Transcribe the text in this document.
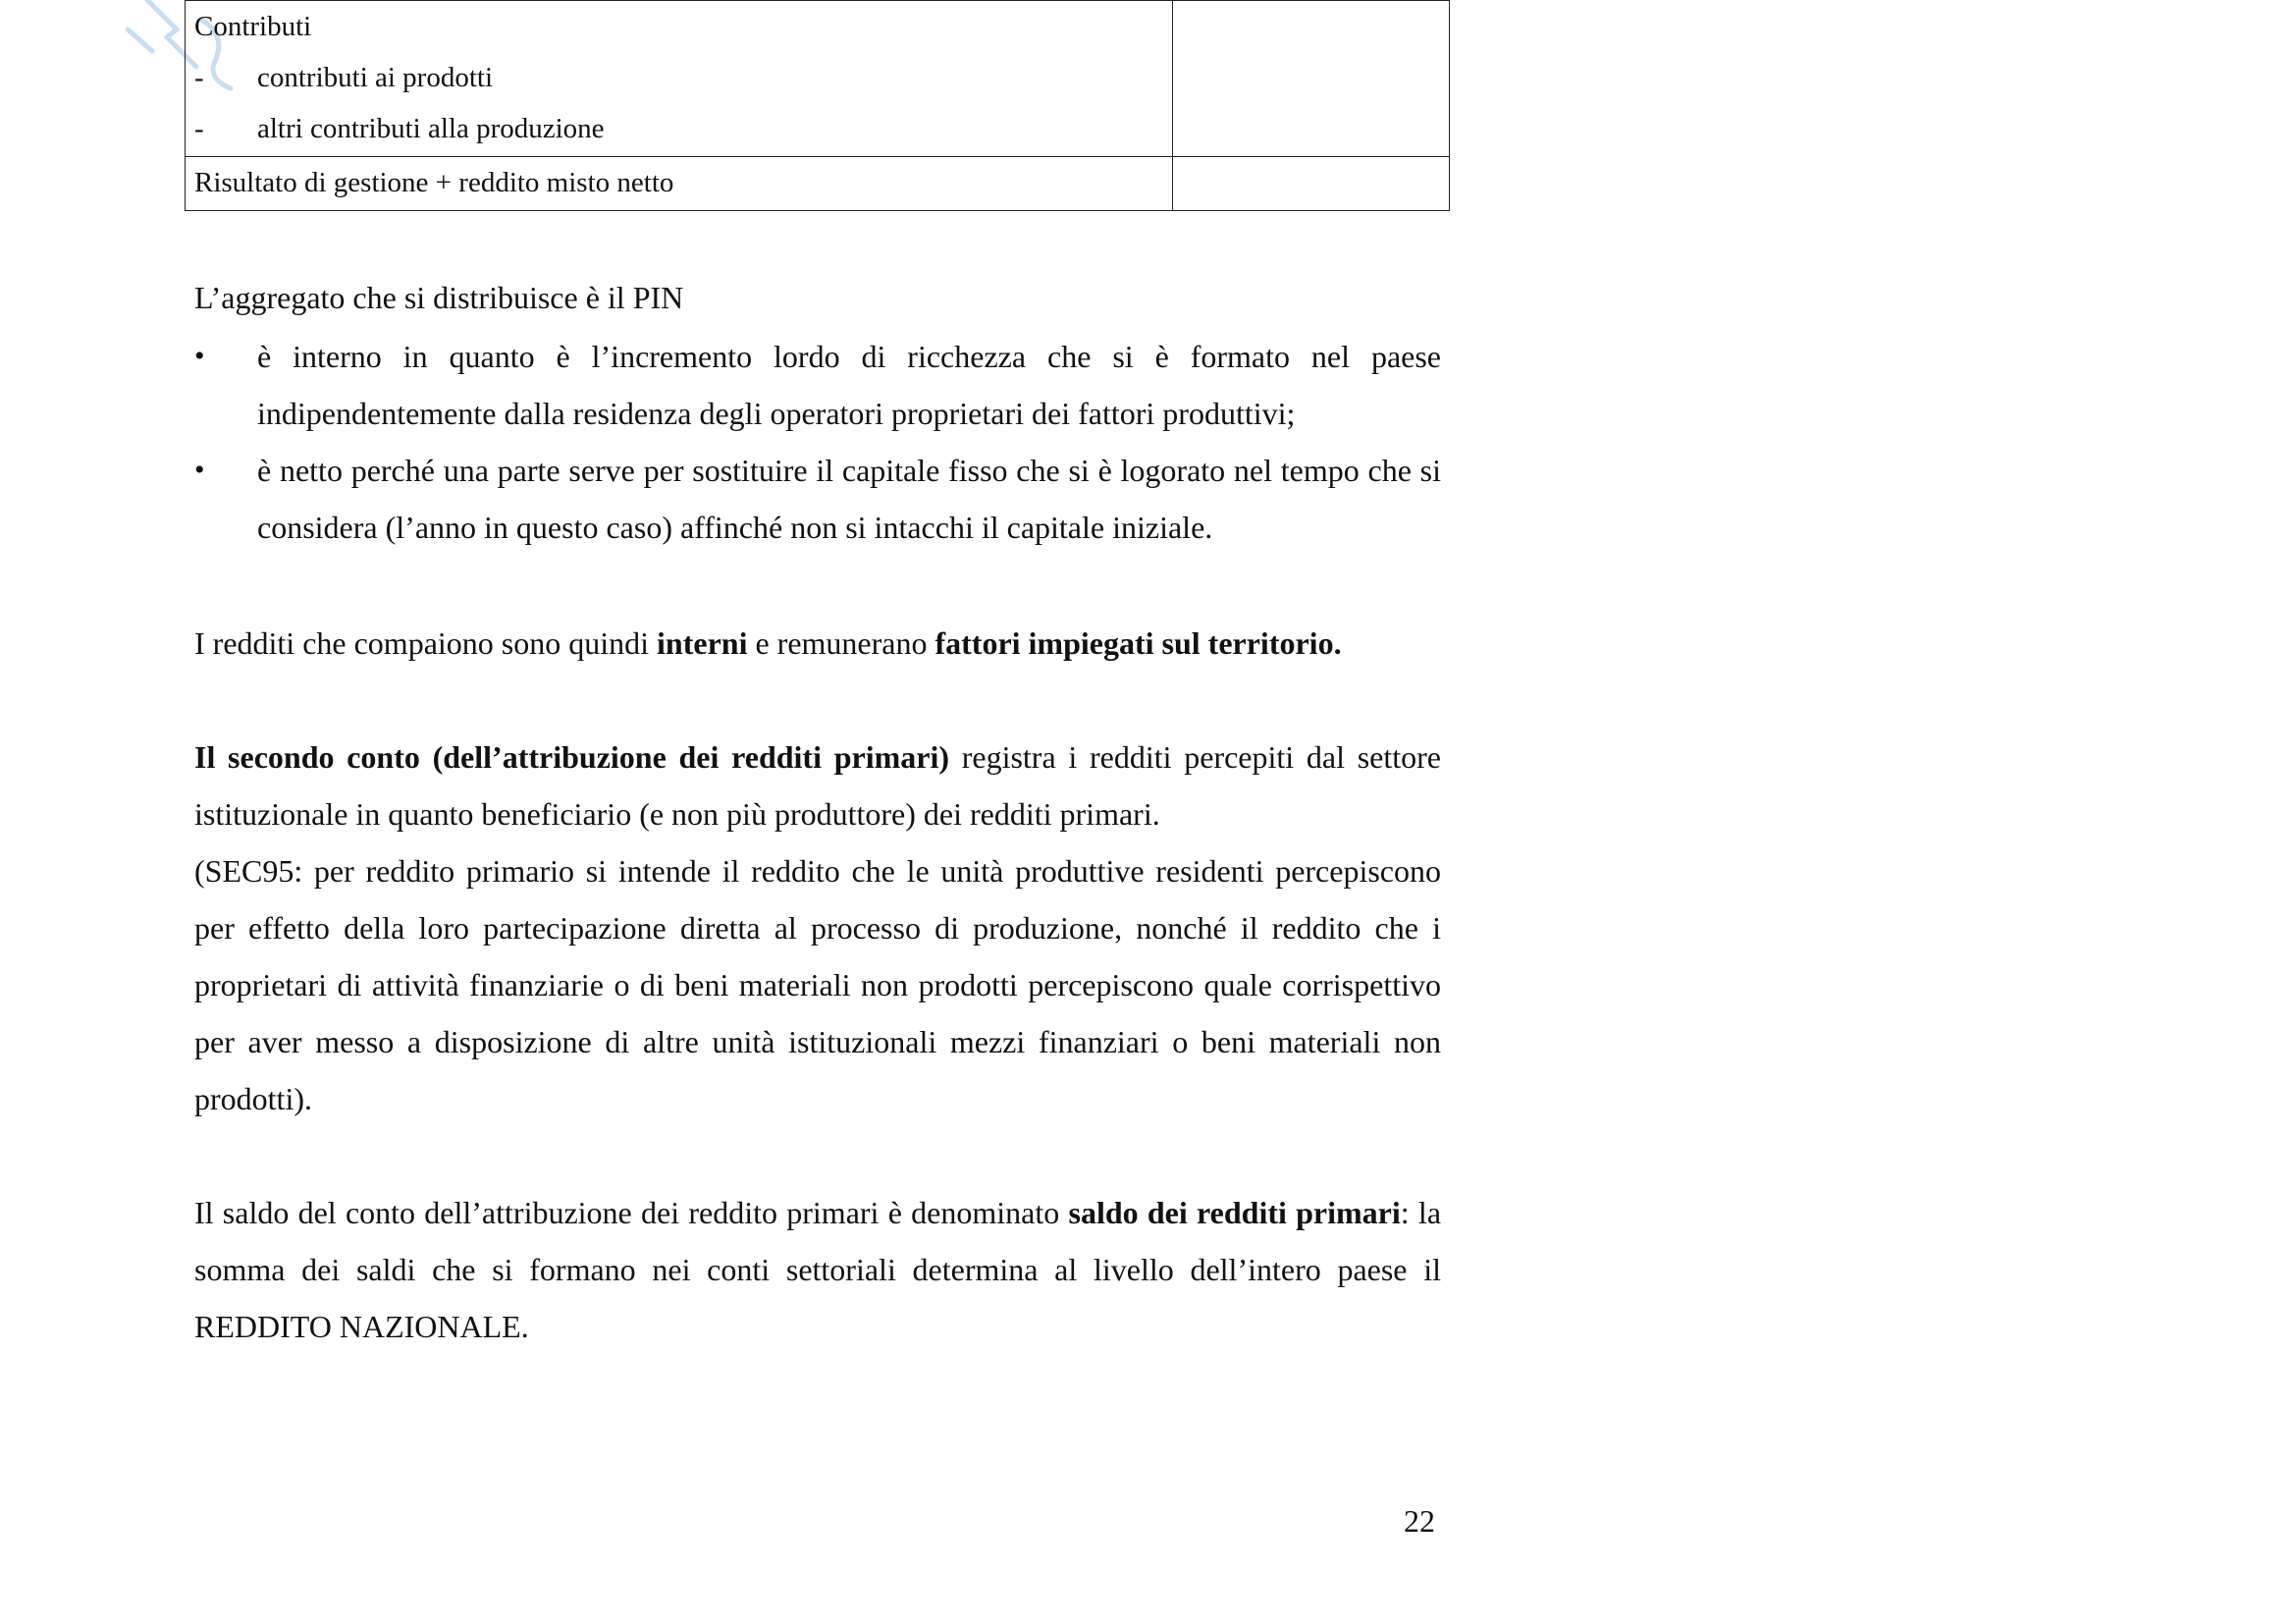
Contributi
- contributi ai prodotti
- altri contributi alla produzione	

Risultato di gestione + reddito misto netto	

L’aggregato che si distribuisce è il PIN

• è interno in quanto è l’incremento lordo di ricchezza che si è formato nel paese indipendentemente dalla residenza degli operatori proprietari dei fattori produttivi;
• è netto perché una parte serve per sostituire il capitale fisso che si è logorato nel tempo che si considera (l’anno in questo caso) affinché non si intacchi il capitale iniziale.

I redditi che compaiono sono quindi interni e remunerano fattori impiegati sul territorio.

Il secondo conto (dell’attribuzione dei redditi primari) registra i redditi percepiti dal settore istituzionale in quanto beneficiario (e non più produttore) dei redditi primari.

(SEC95: per reddito primario si intende il reddito che le unità produttive residenti percepiscono per effetto della loro partecipazione diretta al processo di produzione, nonché il reddito che i proprietari di attività finanziarie o di beni materiali non prodotti percepiscono quale corrispettivo per aver messo a disposizione di altre unità istituzionali mezzi finanziari o beni materiali non prodotti).

Il saldo del conto dell’attribuzione dei reddito primari è denominato saldo dei redditi primari: la somma dei saldi che si formano nei conti settoriali determina al livello dell’intero paese il REDDITO NAZIONALE.

22
